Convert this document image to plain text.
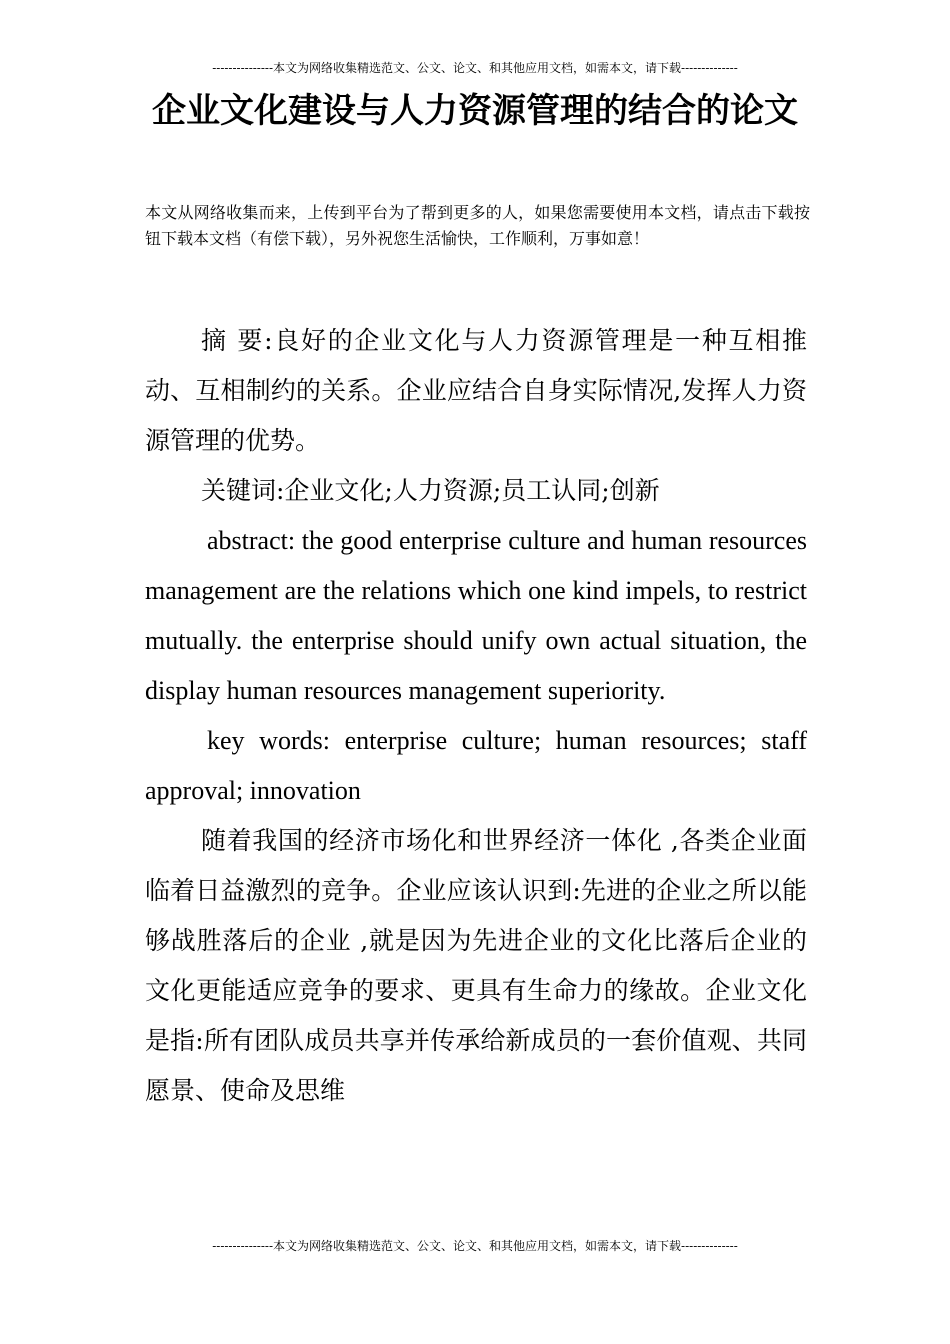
---------------本文为网络收集精选范文、公文、论文、和其他应用文档，如需本文，请下载--------------
企业文化建设与人力资源管理的结合的论文
本文从网络收集而来，上传到平台为了帮到更多的人，如果您需要使用本文档，请点击下载按钮下载本文档（有偿下载），另外祝您生活愉快，工作顺利，万事如意！

摘 要:良好的企业文化与人力资源管理是一种互相推动、互相制约的关系。企业应结合自身实际情况,发挥人力资源管理的优势。

关键词:企业文化;人力资源;员工认同;创新

abstract: the good enterprise culture and human resources management are the relations which one kind impels, to restrict mutually. the enterprise should unify own actual situation, the display human resources management superiority.

key words: enterprise culture; human resources; staff approval; innovation

随着我国的经济市场化和世界经济一体化 ,各类企业面临着日益激烈的竞争。企业应该认识到:先进的企业之所以能够战胜落后的企业 ,就是因为先进企业的文化比落后企业的文化更能适应竞争的要求、更具有生命力的缘故。企业文化是指:所有团队成员共享并传承给新成员的一套价值观、共同愿景、使命及思维

---------------本文为网络收集精选范文、公文、论文、和其他应用文档，如需本文，请下载--------------
